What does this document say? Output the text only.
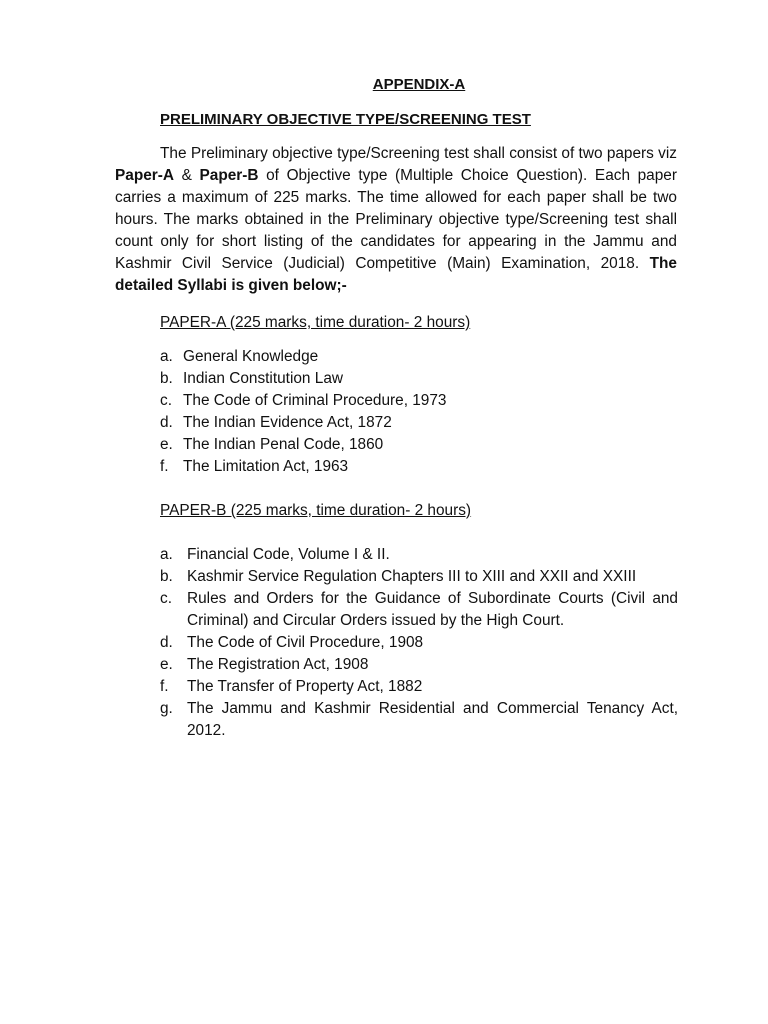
APPENDIX-A
PRELIMINARY OBJECTIVE TYPE/SCREENING TEST

The Preliminary objective type/Screening test shall consist of two papers viz Paper-A & Paper-B of Objective type (Multiple Choice Question). Each paper carries a maximum of 225 marks. The time allowed for each paper shall be two hours. The marks obtained in the Preliminary objective type/Screening test shall count only for short listing of the candidates for appearing in the Jammu and Kashmir Civil Service (Judicial) Competitive (Main) Examination, 2018. The detailed Syllabi is given below;-

PAPER-A (225 marks, time duration- 2 hours)

a. General Knowledge
b. Indian Constitution Law
c. The Code of Criminal Procedure, 1973
d. The Indian Evidence Act, 1872
e. The Indian Penal Code, 1860
f. The Limitation Act, 1963

PAPER-B (225 marks, time duration- 2 hours)

a. Financial Code, Volume I & II.
b. Kashmir Service Regulation Chapters III to XIII and XXII and XXIII
c. Rules and Orders for the Guidance of Subordinate Courts (Civil and Criminal) and Circular Orders issued by the High Court.
d. The Code of Civil Procedure, 1908
e. The Registration Act, 1908
f. The Transfer of Property Act, 1882
g. The Jammu and Kashmir Residential and Commercial Tenancy Act, 2012.
